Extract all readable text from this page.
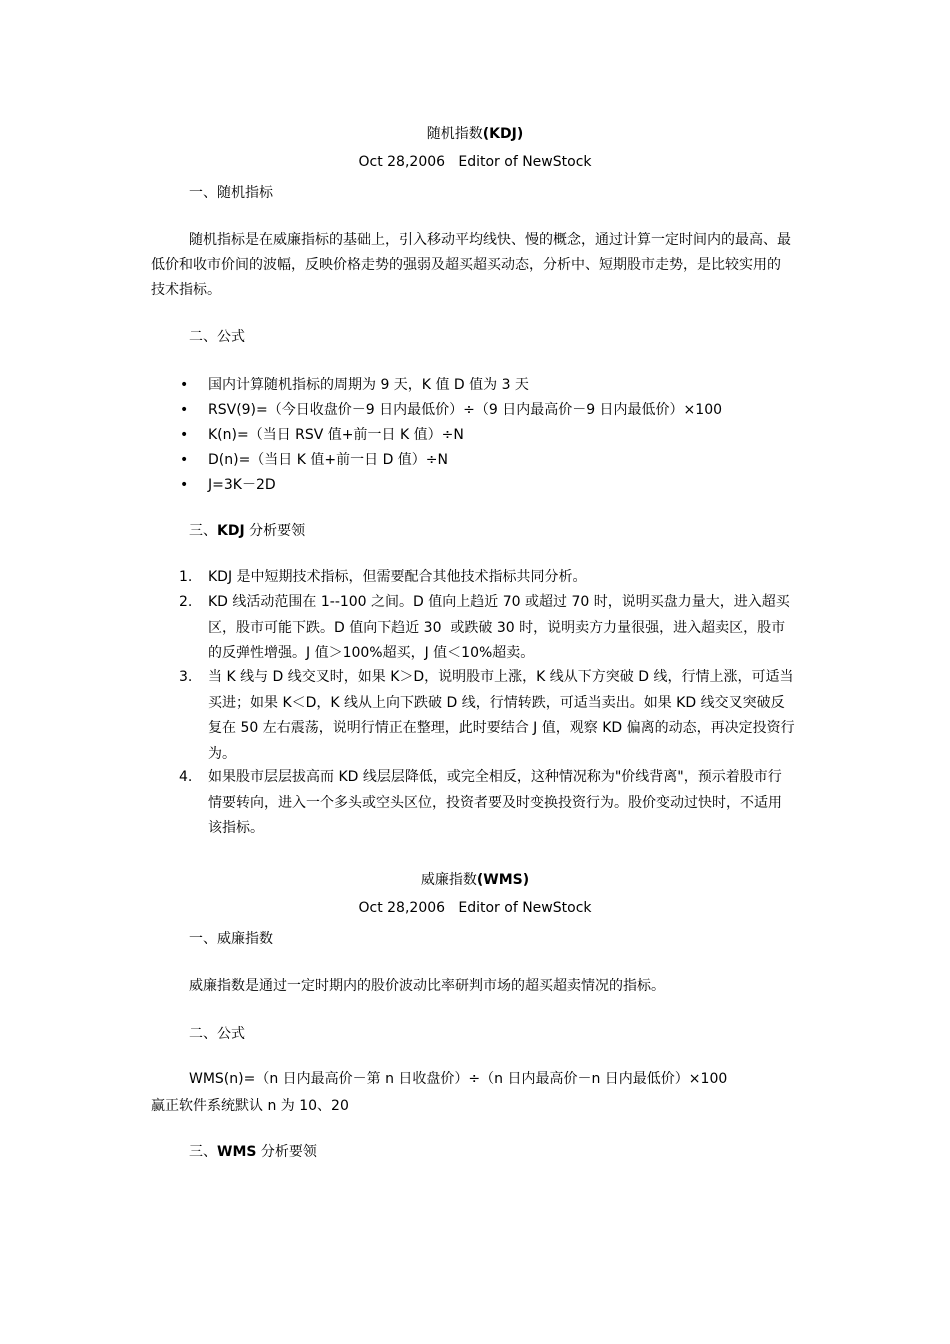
随机指数(KDJ)
Oct 28,2006   Editor of NewStock
一、随机指标
随机指标是在威廉指标的基础上，引入移动平均线快、慢的概念，通过计算一定时间内的最高、最
低价和收市价间的波幅，反映价格走势的强弱及超买超买动态，分析中、短期股市走势，是比较实用的
技术指标。
二、公式
• 国内计算随机指标的周期为 9 天，K 值 D 值为 3 天
• RSV(9)=（今日收盘价－9 日内最低价）÷（9 日内最高价－9 日内最低价）×100
• K(n)=（当日 RSV 值+前一日 K 值）÷N
• D(n)=（当日 K 值+前一日 D 值）÷N
• J=3K－2D
三、KDJ 分析要领
1. KDJ 是中短期技术指标，但需要配合其他技术指标共同分析。
2. KD 线活动范围在 1--100 之间。D 值向上趋近 70 或超过 70 时，说明买盘力量大，进入超买
区，股市可能下跌。D 值向下趋近 30  或跌破 30 时，说明卖方力量很强，进入超卖区，股市
的反弹性增强。J 值＞100%超买，J 值＜10%超卖。
3. 当 K 线与 D 线交叉时，如果 K＞D，说明股市上涨，K 线从下方突破 D 线，行情上涨，可适当
买进；如果 K＜D，K 线从上向下跌破 D 线，行情转跌，可适当卖出。如果 KD 线交叉突破反
复在 50 左右震荡，说明行情正在整理，此时要结合 J 值，观察 KD 偏离的动态，再决定投资行
为。
4. 如果股市层层拔高而 KD 线层层降低，或完全相反，这种情况称为"价线背离"，预示着股市行
情要转向，进入一个多头或空头区位，投资者要及时变换投资行为。股价变动过快时，不适用
该指标。
威廉指数(WMS)
Oct 28,2006   Editor of NewStock
一、威廉指数
威廉指数是通过一定时期内的股价波动比率研判市场的超买超卖情况的指标。
二、公式
WMS(n)=（n 日内最高价－第 n 日收盘价）÷（n 日内最高价－n 日内最低价）×100
赢正软件系统默认 n 为 10、20
三、WMS 分析要领
